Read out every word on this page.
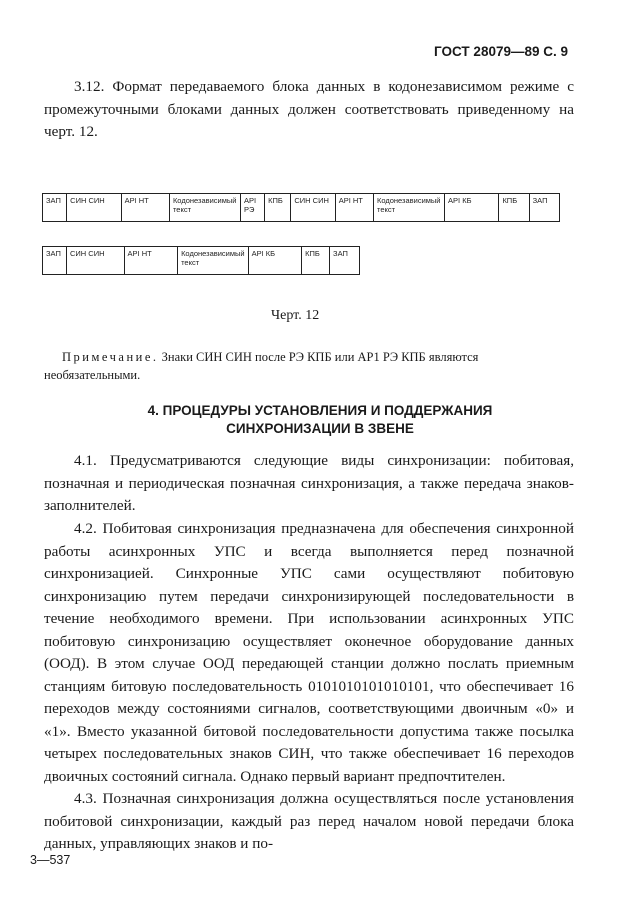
ГОСТ 28079—89 С. 9
3.12. Формат передаваемого блока данных в кодонезависимом режиме с промежуточными блоками данных должен соответствовать приведенному на черт. 12.
ЗАП	СИН СИН	АРІ НТ	Кодонезависимый текст	АРІ РЭ	КПБ	СИН СИН	АРІ НТ	Кодонезависимый текст	АРІ КБ	КПБ	ЗАП
ЗАП	СИН СИН	АРІ НТ	Кодонезависимый текст	АРІ КБ	КПБ	ЗАП
Черт. 12
Примечание. Знаки СИН СИН после РЭ КПБ или АР1 РЭ КПБ являются необязательными.
4. ПРОЦЕДУРЫ УСТАНОВЛЕНИЯ И ПОДДЕРЖАНИЯ
СИНХРОНИЗАЦИИ В ЗВЕНЕ
4.1. Предусматриваются следующие виды синхронизации: побитовая, позначная и периодическая позначная синхронизация, а также передача знаков-заполнителей.
4.2. Побитовая синхронизация предназначена для обеспечения синхронной работы асинхронных УПС и всегда выполняется перед позначной синхронизацией. Синхронные УПС сами осуществляют побитовую синхронизацию путем передачи синхронизирующей последовательности в течение необходимого времени. При использовании асинхронных УПС побитовую синхронизацию осуществляет оконечное оборудование данных (ООД). В этом случае ООД передающей станции должно послать приемным станциям битовую последовательность 0101010101010101, что обеспечивает 16 переходов между состояниями сигналов, соответствующими двоичным «0» и «1». Вместо указанной битовой последовательности допустима также посылка четырех последовательных знаков СИН, что также обеспечивает 16 переходов двоичных состояний сигнала. Однако первый вариант предпочтителен.
4.3. Позначная синхронизация должна осуществляться после установления побитовой синхронизации, каждый раз перед началом новой передачи блока данных, управляющих знаков и по-
3—537
